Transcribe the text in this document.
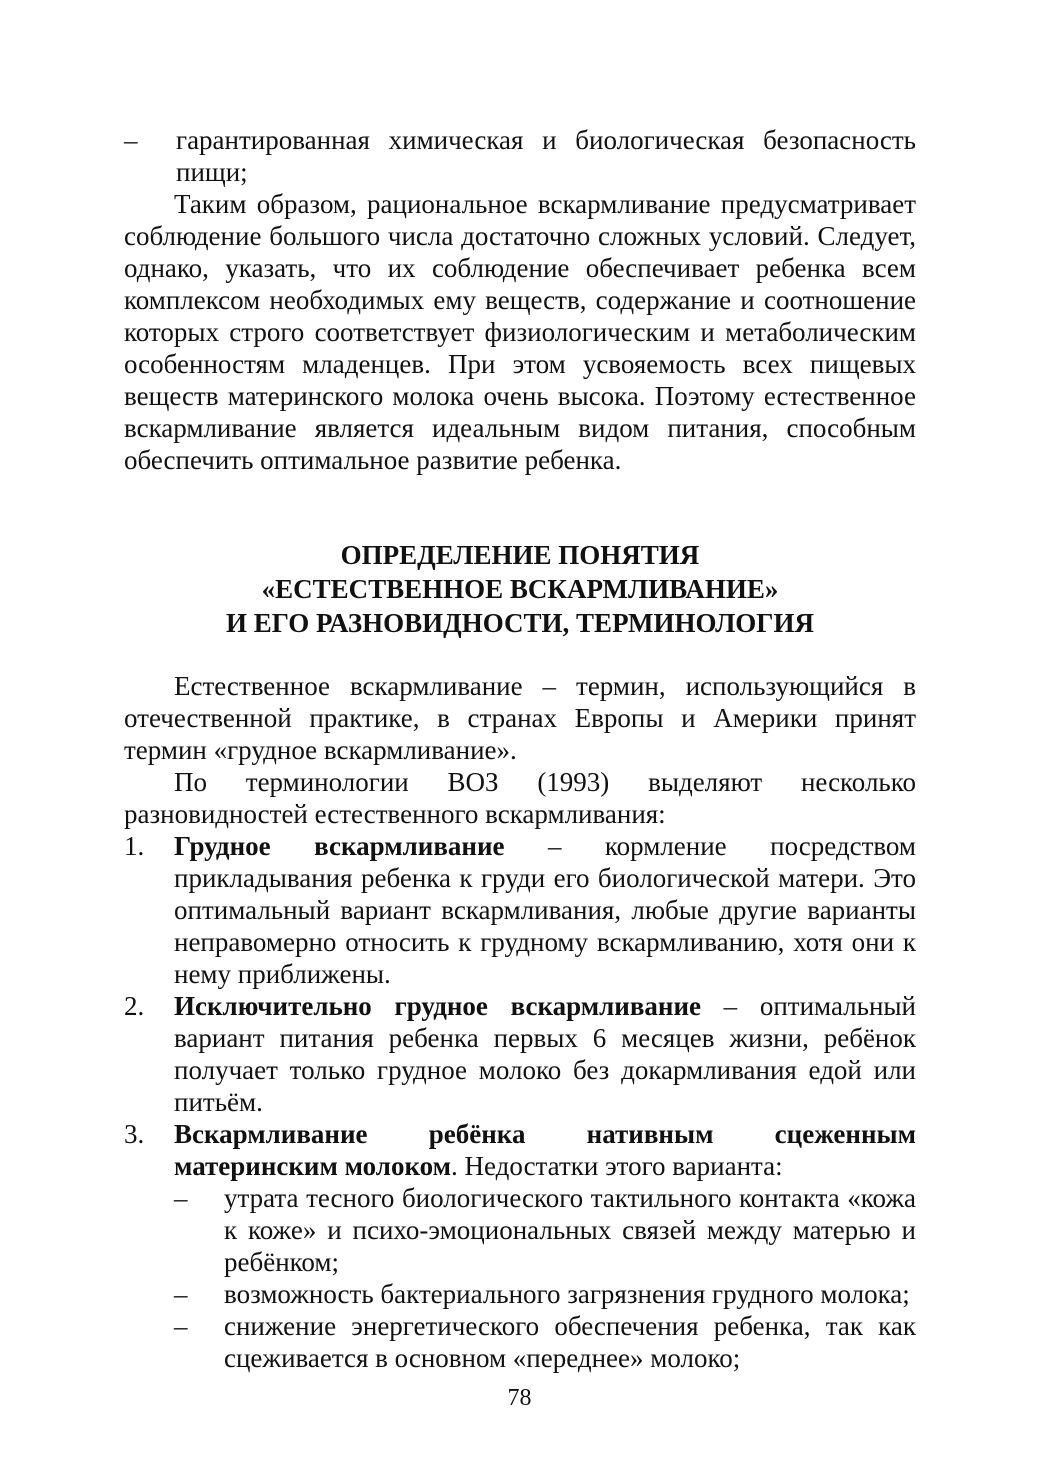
–	гарантированная химическая и биологическая безопасность пищи;

Таким образом, рациональное вскармливание предусматривает соблюдение большого числа достаточно сложных условий. Следует, однако, указать, что их соблюдение обеспечивает ребенка всем комплексом необходимых ему веществ, содержание и соотношение которых строго соответствует физиологическим и метаболическим особенностям младенцев. При этом усвояемость всех пищевых веществ материнского молока очень высока. Поэтому естественное вскармливание является идеальным видом питания, способным обеспечить оптимальное развитие ребенка.

ОПРЕДЕЛЕНИЕ ПОНЯТИЯ
«ЕСТЕСТВЕННОЕ ВСКАРМЛИВАНИЕ»
И ЕГО РАЗНОВИДНОСТИ, ТЕРМИНОЛОГИЯ

Естественное вскармливание – термин, использующийся в отечественной практике, в странах Европы и Америки принят термин «грудное вскармливание».

По терминологии ВОЗ (1993) выделяют несколько разновидностей естественного вскармливания:

1.	Грудное вскармливание – кормление посредством прикладывания ребенка к груди его биологической матери. Это оптимальный вариант вскармливания, любые другие варианты неправомерно относить к грудному вскармливанию, хотя они к нему приближены.
2.	Исключительно грудное вскармливание – оптимальный вариант питания ребенка первых 6 месяцев жизни, ребёнок получает только грудное молоко без докармливания едой или питьём.
3.	Вскармливание ребёнка нативным сцеженным материнским молоком. Недостатки этого варианта:
–	утрата тесного биологического тактильного контакта «кожа к коже» и психо-эмоциональных связей между матерью и ребёнком;
–	возможность бактериального загрязнения грудного молока;
–	снижение энергетического обеспечения ребенка, так как сцеживается в основном «переднее» молоко;
78
